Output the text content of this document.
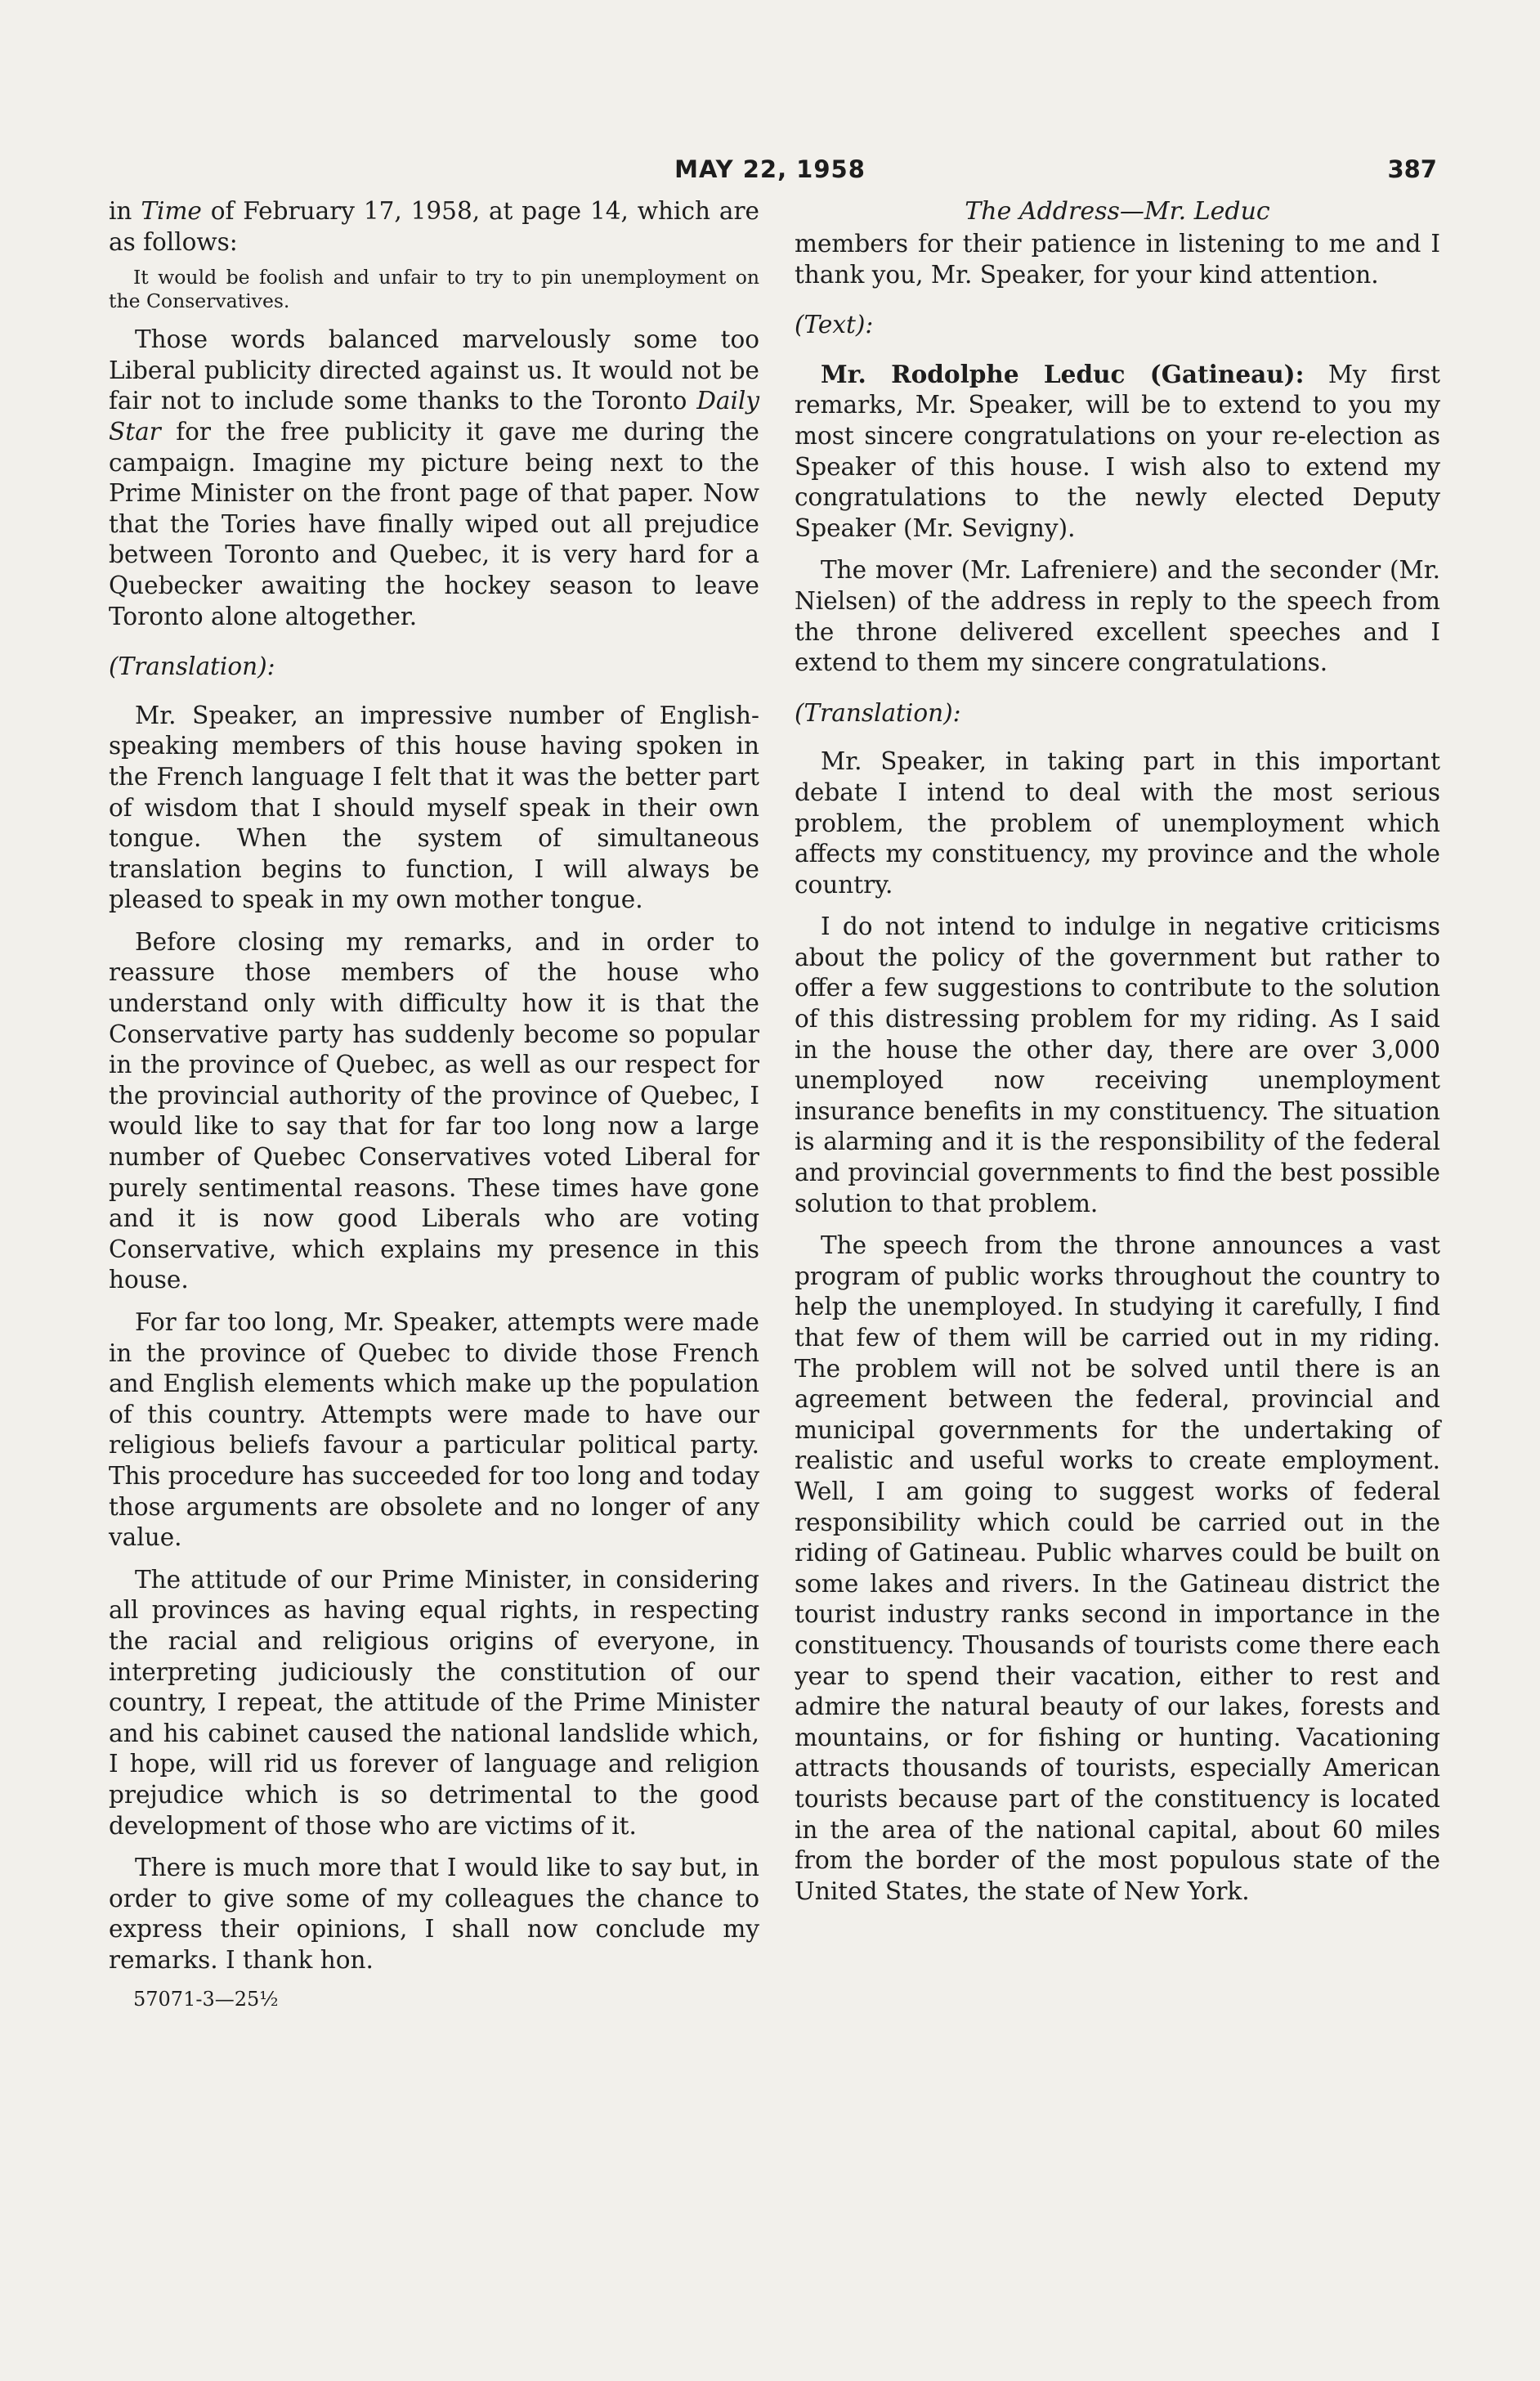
MAY 22, 1958	387

in Time of February 17, 1958, at page 14, which are as follows:

It would be foolish and unfair to try to pin unemployment on the Conservatives.

Those words balanced marvelously some too Liberal publicity directed against us. It would not be fair not to include some thanks to the Toronto Daily Star for the free publicity it gave me during the campaign. Imagine my picture being next to the Prime Minister on the front page of that paper. Now that the Tories have finally wiped out all prejudice between Toronto and Quebec, it is very hard for a Quebecker awaiting the hockey season to leave Toronto alone altogether.

(Translation):

Mr. Speaker, an impressive number of English-speaking members of this house having spoken in the French language I felt that it was the better part of wisdom that I should myself speak in their own tongue. When the system of simultaneous translation begins to function, I will always be pleased to speak in my own mother tongue.

Before closing my remarks, and in order to reassure those members of the house who understand only with difficulty how it is that the Conservative party has suddenly become so popular in the province of Quebec, as well as our respect for the provincial authority of the province of Quebec, I would like to say that for far too long now a large number of Quebec Conservatives voted Liberal for purely sentimental reasons. These times have gone and it is now good Liberals who are voting Conservative, which explains my presence in this house.

For far too long, Mr. Speaker, attempts were made in the province of Quebec to divide those French and English elements which make up the population of this country. Attempts were made to have our religious beliefs favour a particular political party. This procedure has succeeded for too long and today those arguments are obsolete and no longer of any value.

The attitude of our Prime Minister, in considering all provinces as having equal rights, in respecting the racial and religious origins of everyone, in interpreting judiciously the constitution of our country, I repeat, the attitude of the Prime Minister and his cabinet caused the national landslide which, I hope, will rid us forever of language and religion prejudice which is so detrimental to the good development of those who are victims of it.

There is much more that I would like to say but, in order to give some of my colleagues the chance to express their opinions, I shall now conclude my remarks. I thank hon.

57071-3—25½
The Address—Mr. Leduc

members for their patience in listening to me and I thank you, Mr. Speaker, for your kind attention.

(Text):

Mr. Rodolphe Leduc (Gatineau): My first remarks, Mr. Speaker, will be to extend to you my most sincere congratulations on your re-election as Speaker of this house. I wish also to extend my congratulations to the newly elected Deputy Speaker (Mr. Sevigny).

The mover (Mr. Lafreniere) and the seconder (Mr. Nielsen) of the address in reply to the speech from the throne delivered excellent speeches and I extend to them my sincere congratulations.

(Translation):

Mr. Speaker, in taking part in this important debate I intend to deal with the most serious problem, the problem of unemployment which affects my constituency, my province and the whole country.

I do not intend to indulge in negative criticisms about the policy of the government but rather to offer a few suggestions to contribute to the solution of this distressing problem for my riding. As I said in the house the other day, there are over 3,000 unemployed now receiving unemployment insurance benefits in my constituency. The situation is alarming and it is the responsibility of the federal and provincial governments to find the best possible solution to that problem.

The speech from the throne announces a vast program of public works throughout the country to help the unemployed. In studying it carefully, I find that few of them will be carried out in my riding. The problem will not be solved until there is an agreement between the federal, provincial and municipal governments for the undertaking of realistic and useful works to create employment. Well, I am going to suggest works of federal responsibility which could be carried out in the riding of Gatineau. Public wharves could be built on some lakes and rivers. In the Gatineau district the tourist industry ranks second in importance in the constituency. Thousands of tourists come there each year to spend their vacation, either to rest and admire the natural beauty of our lakes, forests and mountains, or for fishing or hunting. Vacationing attracts thousands of tourists, especially American tourists because part of the constituency is located in the area of the national capital, about 60 miles from the border of the most populous state of the United States, the state of New York.
